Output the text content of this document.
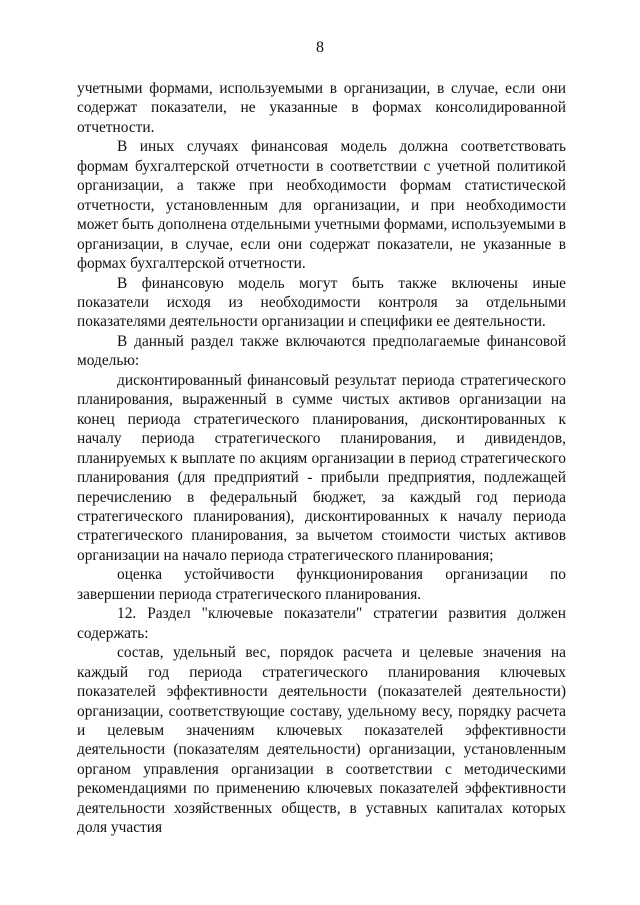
8

учетными формами, используемыми в организации, в случае, если они содержат показатели, не указанные в формах консолидированной отчетности.

В иных случаях финансовая модель должна соответствовать формам бухгалтерской отчетности в соответствии с учетной политикой организации, а также при необходимости формам статистической отчетности, установленным для организации, и при необходимости может быть дополнена отдельными учетными формами, используемыми в организации, в случае, если они содержат показатели, не указанные в формах бухгалтерской отчетности.

В финансовую модель могут быть также включены иные показатели исходя из необходимости контроля за отдельными показателями деятельности организации и специфики ее деятельности.

В данный раздел также включаются предполагаемые финансовой моделью:

дисконтированный финансовый результат периода стратегического планирования, выраженный в сумме чистых активов организации на конец периода стратегического планирования, дисконтированных к началу периода стратегического планирования, и дивидендов, планируемых к выплате по акциям организации в период стратегического планирования (для предприятий - прибыли предприятия, подлежащей перечислению в федеральный бюджет, за каждый год периода стратегического планирования), дисконтированных к началу периода стратегического планирования, за вычетом стоимости чистых активов организации на начало периода стратегического планирования;

оценка устойчивости функционирования организации по завершении периода стратегического планирования.

12. Раздел "ключевые показатели" стратегии развития должен содержать:

состав, удельный вес, порядок расчета и целевые значения на каждый год периода стратегического планирования ключевых показателей эффективности деятельности (показателей деятельности) организации, соответствующие составу, удельному весу, порядку расчета и целевым значениям ключевых показателей эффективности деятельности (показателям деятельности) организации, установленным органом управления организации в соответствии с методическими рекомендациями по применению ключевых показателей эффективности деятельности хозяйственных обществ, в уставных капиталах которых доля участия
